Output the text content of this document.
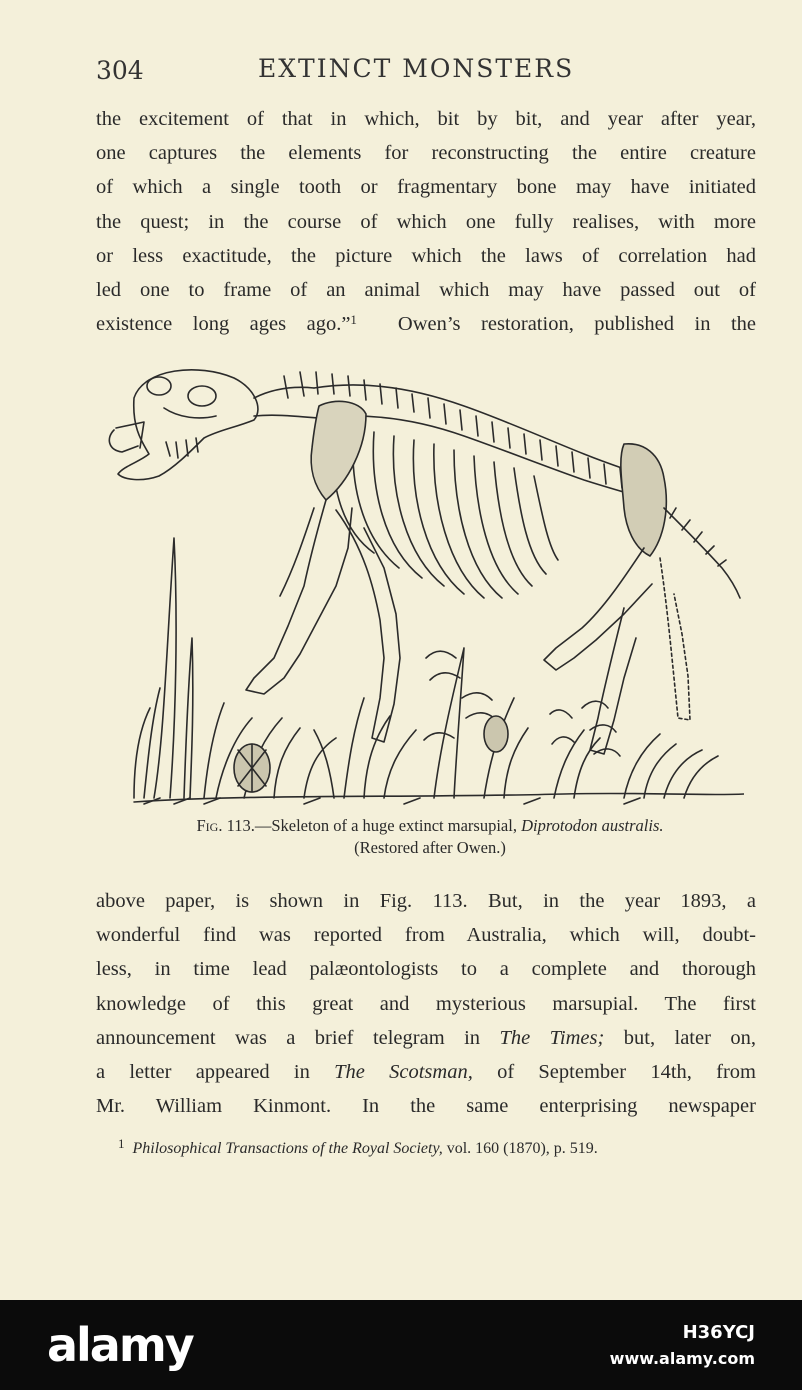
304	EXTINCT MONSTERS
the excitement of that in which, bit by bit, and year after year,
one captures the elements for reconstructing the entire creature
of which a single tooth or fragmentary bone may have initiated
the quest; in the course of which one fully realises, with more
or less exactitude, the picture which the laws of correlation had
led one to frame of an animal which may have passed out of
existence long ages ago.”$^1$ Owen’s restoration, published in the
Fig. 113.—Skeleton of a huge extinct marsupial, Diprotodon australis.
(Restored after Owen.)
above paper, is shown in Fig. 113. But, in the year 1893, a
wonderful find was reported from Australia, which will, doubt-
less, in time lead palæontologists to a complete and thorough
knowledge of this great and mysterious marsupial. The first
announcement was a brief telegram in The Times; but, later on,
a letter appeared in The Scotsman, of September 14th, from
Mr. William Kinmont. In the same enterprising newspaper
$^1$ Philosophical Transactions of the Royal Society, vol. 160 (1870), p. 519.
alamy	H36YCJ
www.alamy.com
